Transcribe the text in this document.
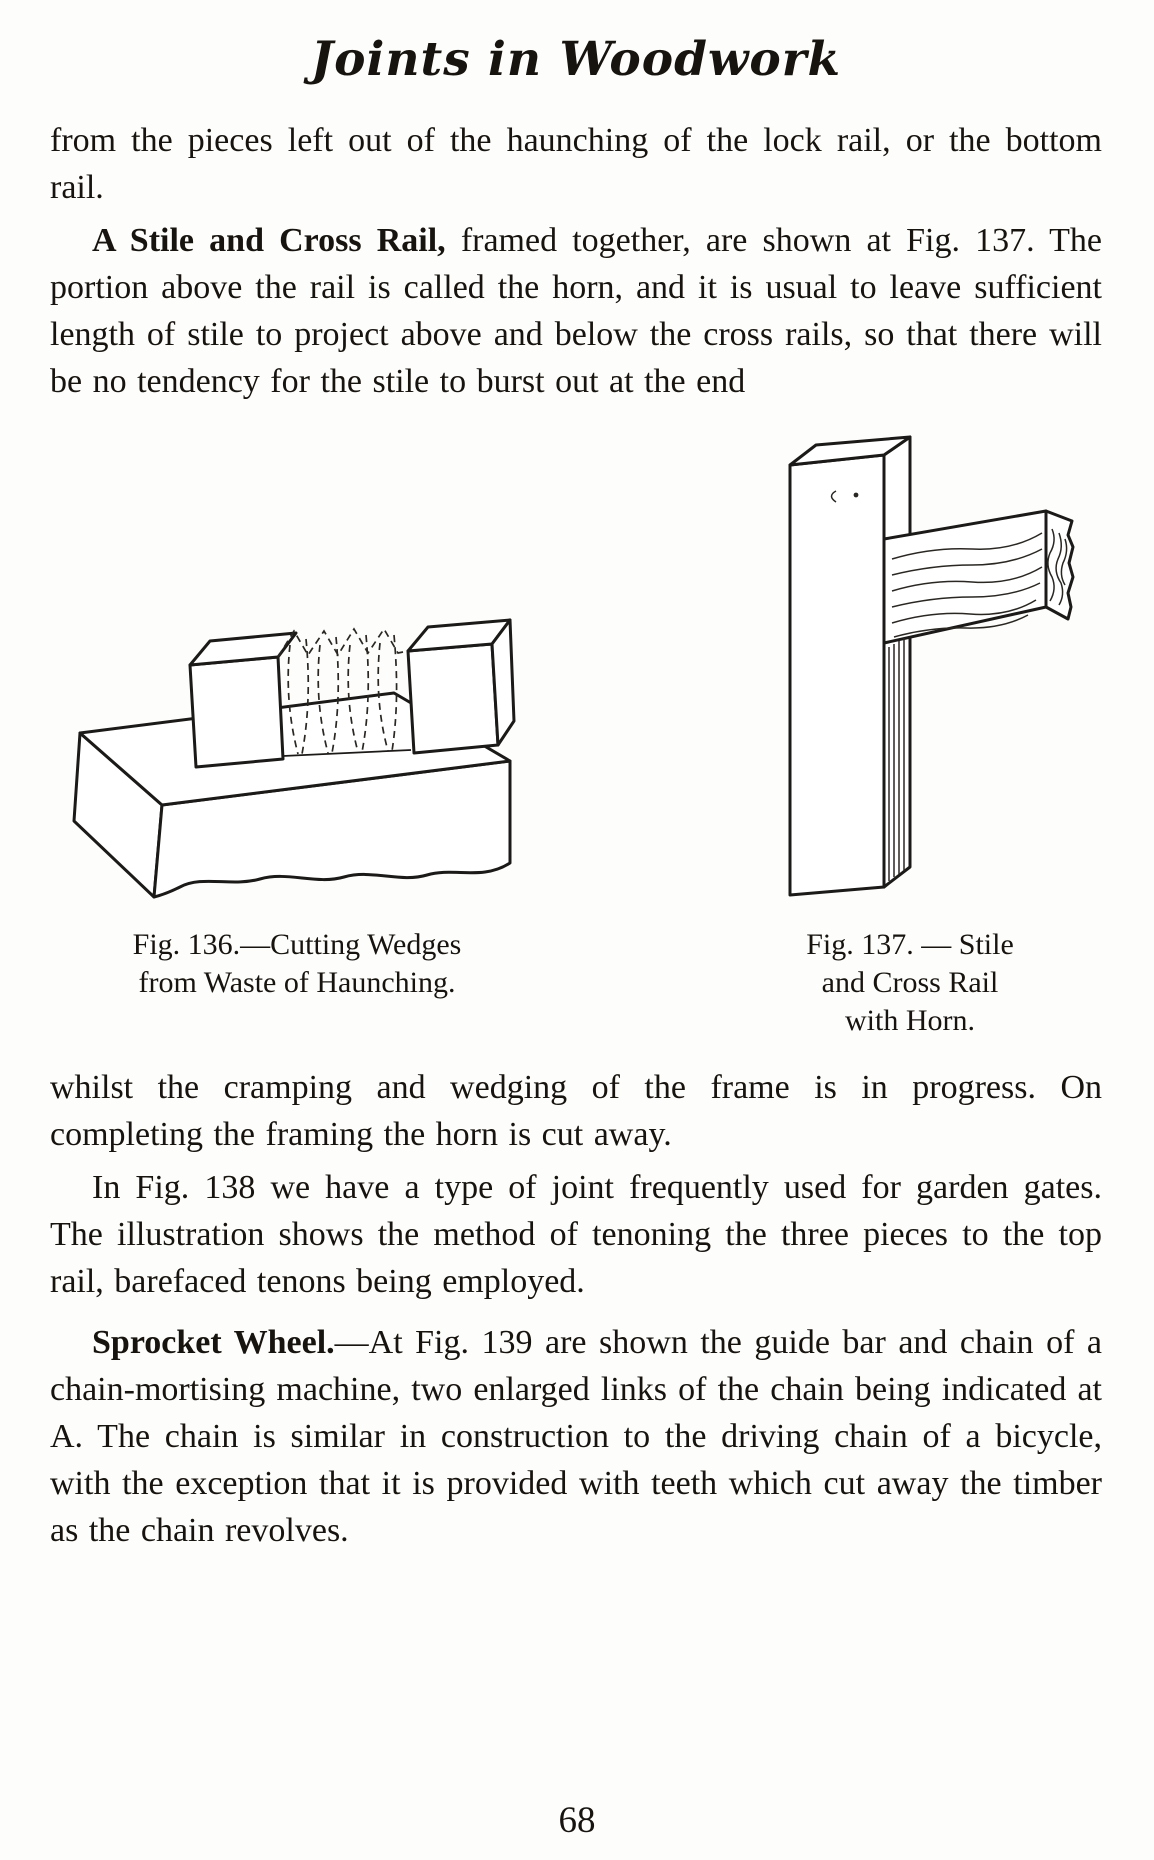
Joints in Woodwork

from the pieces left out of the haunching of the lock rail, or the bottom rail.

A Stile and Cross Rail, framed together, are shown at Fig. 137. The portion above the rail is called the horn, and it is usual to leave sufficient length of stile to project above and below the cross rails, so that there will be no tendency for the stile to burst out at the end

Fig. 136.—Cutting Wedges
from Waste of Haunching.
Fig. 137. — Stile
and Cross Rail
with Horn.

whilst the cramping and wedging of the frame is in progress. On completing the framing the horn is cut away.

In Fig. 138 we have a type of joint frequently used for garden gates. The illustration shows the method of tenoning the three pieces to the top rail, barefaced tenons being employed.

Sprocket Wheel.—At Fig. 139 are shown the guide bar and chain of a chain-mortising machine, two enlarged links of the chain being indicated at A. The chain is similar in construction to the driving chain of a bicycle, with the exception that it is provided with teeth which cut away the timber as the chain revolves.

68
